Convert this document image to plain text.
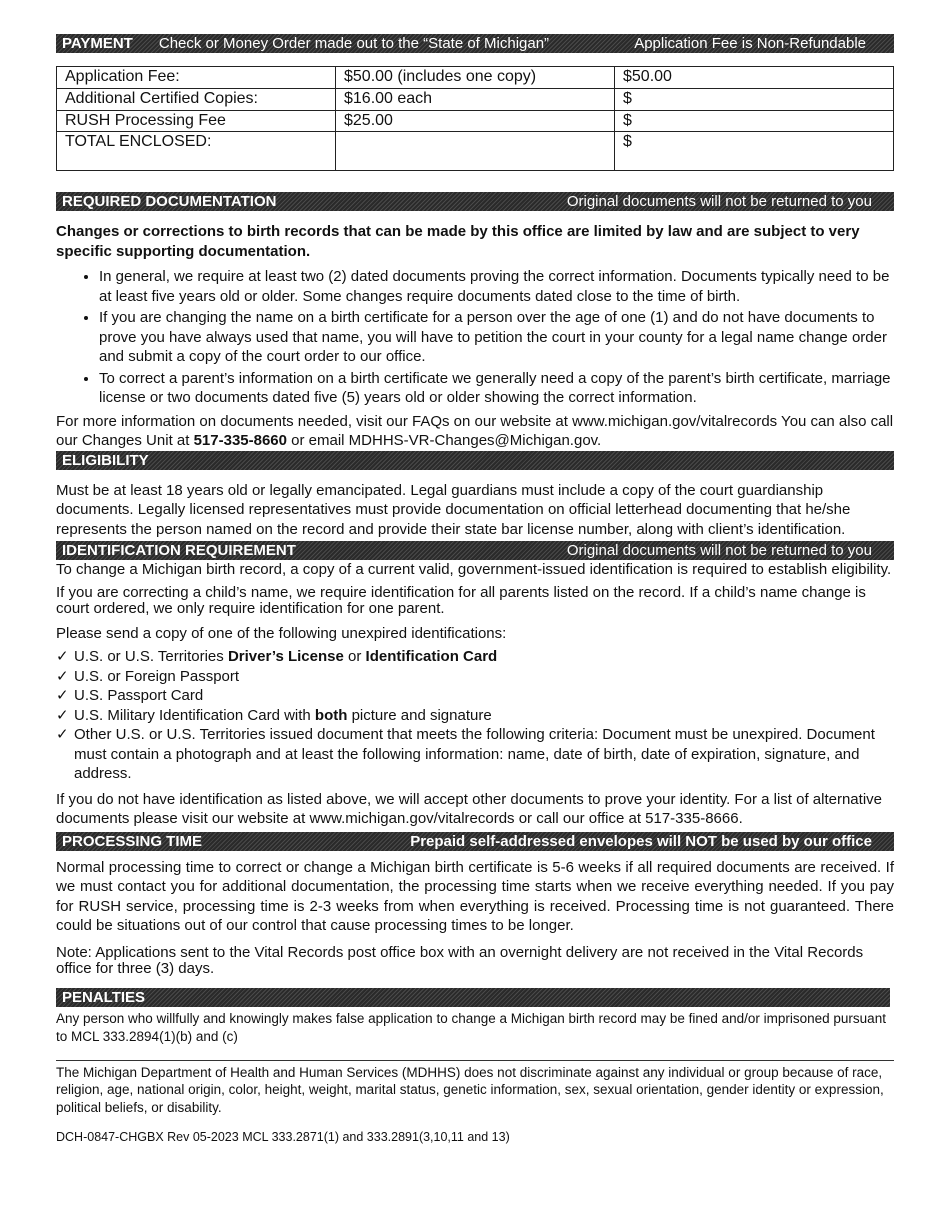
PAYMENT	Check or Money Order made out to the “State of Michigan”	Application Fee is Non-Refundable
Application Fee:	$50.00 (includes one copy)	$50.00
Additional Certified Copies:	$16.00 each	$
RUSH Processing Fee	$25.00	$
TOTAL ENCLOSED:		$
REQUIRED DOCUMENTATION	Original documents will not be returned to you

Changes or corrections to birth records that can be made by this office are limited by law and are subject to very specific supporting documentation.

• In general, we require at least two (2) dated documents proving the correct information. Documents typically need to be at least five years old or older. Some changes require documents dated close to the time of birth.
• If you are changing the name on a birth certificate for a person over the age of one (1) and do not have documents to prove you have always used that name, you will have to petition the court in your county for a legal name change order and submit a copy of the court order to our office.
• To correct a parent’s information on a birth certificate we generally need a copy of the parent’s birth certificate, marriage license or two documents dated five (5) years old or older showing the correct information.

For more information on documents needed, visit our FAQs on our website at www.michigan.gov/vitalrecords You can also call our Changes Unit at 517-335-8660 or email MDHHS-VR-Changes@Michigan.gov.

ELIGIBILITY

Must be at least 18 years old or legally emancipated. Legal guardians must include a copy of the court guardianship documents. Legally licensed representatives must provide documentation on official letterhead documenting that he/she represents the person named on the record and provide their state bar license number, along with client’s identification.

IDENTIFICATION REQUIREMENT	Original documents will not be returned to you

To change a Michigan birth record, a copy of a current valid, government-issued identification is required to establish eligibility.

If you are correcting a child’s name, we require identification for all parents listed on the record. If a child’s name change is court ordered, we only require identification for one parent.

Please send a copy of one of the following unexpired identifications:

✓ U.S. or U.S. Territories Driver’s License or Identification Card
✓ U.S. or Foreign Passport
✓ U.S. Passport Card
✓ U.S. Military Identification Card with both picture and signature
✓ Other U.S. or U.S. Territories issued document that meets the following criteria: Document must be unexpired. Document must contain a photograph and at least the following information: name, date of birth, date of expiration, signature, and address.

If you do not have identification as listed above, we will accept other documents to prove your identity. For a list of alternative documents please visit our website at www.michigan.gov/vitalrecords or call our office at 517-335-8666.

PROCESSING TIME	Prepaid self-addressed envelopes will NOT be used by our office

Normal processing time to correct or change a Michigan birth certificate is 5-6 weeks if all required documents are received. If we must contact you for additional documentation, the processing time starts when we receive everything needed. If you pay for RUSH service, processing time is 2-3 weeks from when everything is received. Processing time is not guaranteed. There could be situations out of our control that cause processing times to be longer.

Note: Applications sent to the Vital Records post office box with an overnight delivery are not received in the Vital Records office for three (3) days.

PENALTIES

Any person who willfully and knowingly makes false application to change a Michigan birth record may be fined and/or imprisoned pursuant to MCL 333.2894(1)(b) and (c)

The Michigan Department of Health and Human Services (MDHHS) does not discriminate against any individual or group because of race, religion, age, national origin, color, height, weight, marital status, genetic information, sex, sexual orientation, gender identity or expression, political beliefs, or disability.

DCH-0847-CHGBX Rev 05-2023 MCL 333.2871(1) and 333.2891(3,10,11 and 13)
